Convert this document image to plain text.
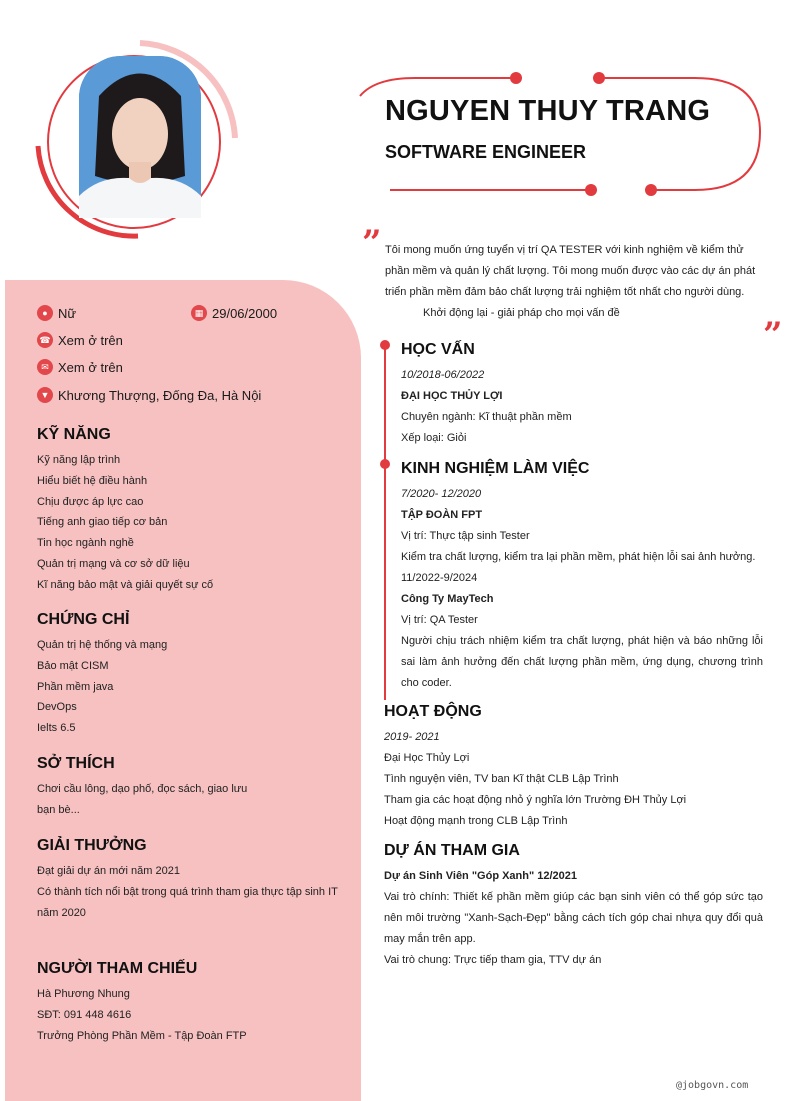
NGUYEN THUY TRANG
SOFTWARE ENGINEER
” Tôi mong muốn ứng tuyển vị trí QA TESTER với kinh nghiệm về kiểm thử phần mềm và quản lý chất lượng. Tôi mong muốn được vào các dự án phát triển phần mềm đảm bảo chất lượng trải nghiệm tốt nhất cho người dùng.
Khởi động lại - giải pháp cho mọi vấn đề
”
● Nữ	▦ 29/06/2000
☎ Xem ở trên
✉ Xem ở trên
▼ Khương Thượng, Đống Đa, Hà Nội
KỸ NĂNG
Kỹ năng lập trình
Hiểu biết hệ điều hành
Chịu được áp lực cao
Tiếng anh giao tiếp cơ bản
Tin học ngành nghề
Quản trị mạng và cơ sở dữ liệu
Kĩ năng bảo mật và giải quyết sự cố
CHỨNG CHỈ
Quản trị hệ thống và mạng
Bảo mật CISM
Phần mềm java
DevOps
Ielts 6.5
SỞ THÍCH
Chơi cầu lông, dạo phố, đọc sách, giao lưu bạn bè...
GIẢI THƯỞNG
Đạt giải dự án mới năm 2021
Có thành tích nổi bật trong quá trình tham gia thực tập sinh IT năm 2020
NGƯỜI THAM CHIẾU
Hà Phương Nhung
SĐT: 091 448 4616
Trưởng Phòng Phần Mềm - Tập Đoàn FTP
HỌC VẤN
10/2018-06/2022
ĐẠI HỌC THỦY LỢI
Chuyên ngành: Kĩ thuật phần mềm
Xếp loại: Giỏi
KINH NGHIỆM LÀM VIỆC
7/2020- 12/2020
TẬP ĐOÀN FPT
Vị trí: Thực tập sinh Tester
Kiểm tra chất lượng, kiểm tra lại phần mềm, phát hiện lỗi sai ảnh hưởng.
11/2022-9/2024
Công Ty MayTech
Vị trí: QA Tester
Người chịu trách nhiệm kiểm tra chất lượng, phát hiện và báo những lỗi sai làm ảnh hưởng đến chất lượng phần mềm, ứng dụng, chương trình cho coder.
HOẠT ĐỘNG
2019- 2021
Đại Học Thủy Lợi
Tình nguyện viên, TV ban Kĩ thật CLB Lập Trình
Tham gia các hoạt động nhỏ ý nghĩa lớn Trường ĐH Thủy Lợi
Hoạt động mạnh trong CLB Lập Trình
DỰ ÁN THAM GIA
Dự án Sinh Viên "Góp Xanh" 12/2021
Vai trò chính: Thiết kế phần mềm giúp các bạn sinh viên có thể góp sức tạo nên môi trường "Xanh-Sạch-Đẹp" bằng cách tích góp chai nhựa quy đổi quà may mắn trên app.
Vai trò chung: Trực tiếp tham gia, TTV dự án
@jobgovn.com
